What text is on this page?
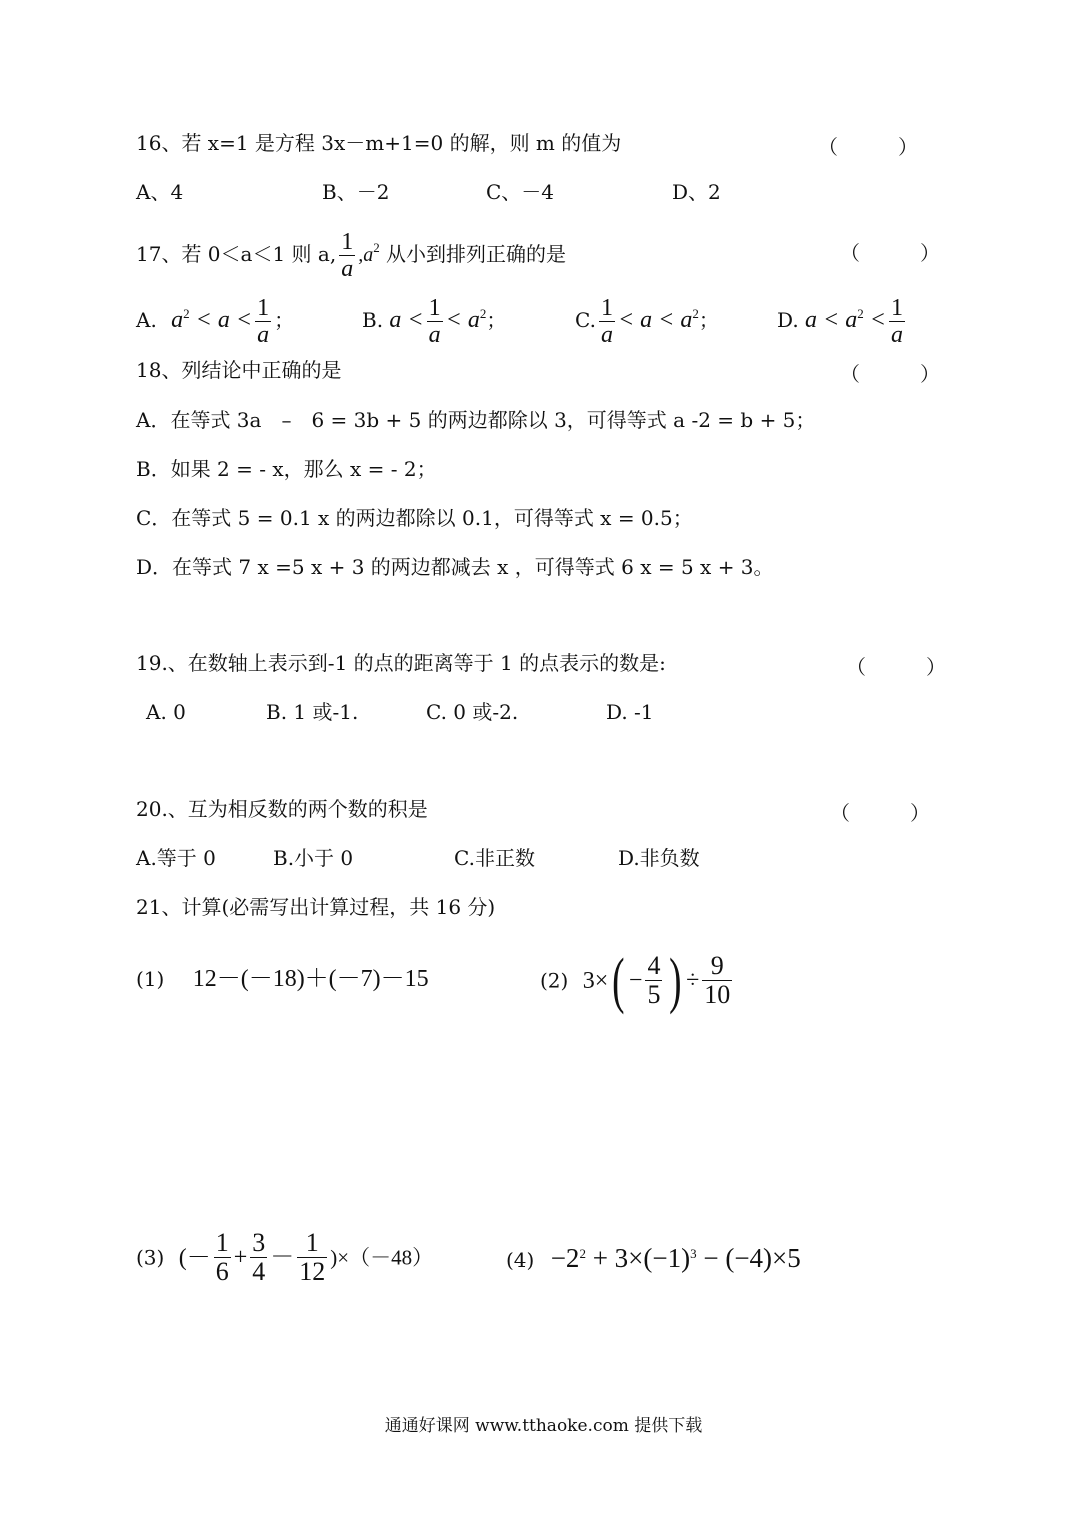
16、若 x=1 是方程 3x－m+1=0 的解，则 m 的值为	（　　　）
A、4	B、－2	C、－4	D、2
17、若 0＜a＜1 则 a, $\frac{1}{a} ,a^2$ 从小到排列正确的是	（　　　）
A. $a^2 < a < \frac{1}{a}$ ；	B. $a < \frac{1}{a} < a^2$；	C. $\frac{1}{a} < a < a^2$；	D. $a < a^2 < \frac{1}{a}$
18、列结论中正确的是	（　　　）
A．在等式 3a　–　6 = 3b + 5 的两边都除以 3，可得等式 a -2 = b + 5；
B．如果 2 = - x，那么 x = - 2；
C．在等式 5 = 0.1 x 的两边都除以 0.1，可得等式 x = 0.5；
D．在等式 7 x =5 x + 3 的两边都减去 x ，可得等式 6 x = 5 x + 3。
19.、在数轴上表示到-1 的点的距离等于 1 的点表示的数是:	（　　　）
A. 0	B. 1 或-1.	C. 0 或-2.	D. -1
20.、互为相反数的两个数的积是	（　　　）
A.等于 0	B.小于 0	C.非正数	D.非负数
21、计算(必需写出计算过程，共 16 分)
(1) 12－(－18)＋(－7)－15	(2) $3\times( - \frac{4}{5}$ ) ÷ $\frac{9}{10}$
(3) (－ $\frac{1}{6} + \frac{3}{4} - \frac{1}{12} )\times(-48)$	$(4) -2^2 + 3\times(-1)^3 - (-4)\times 5$
通通好课网 www.tthaoke.com 提供下载
